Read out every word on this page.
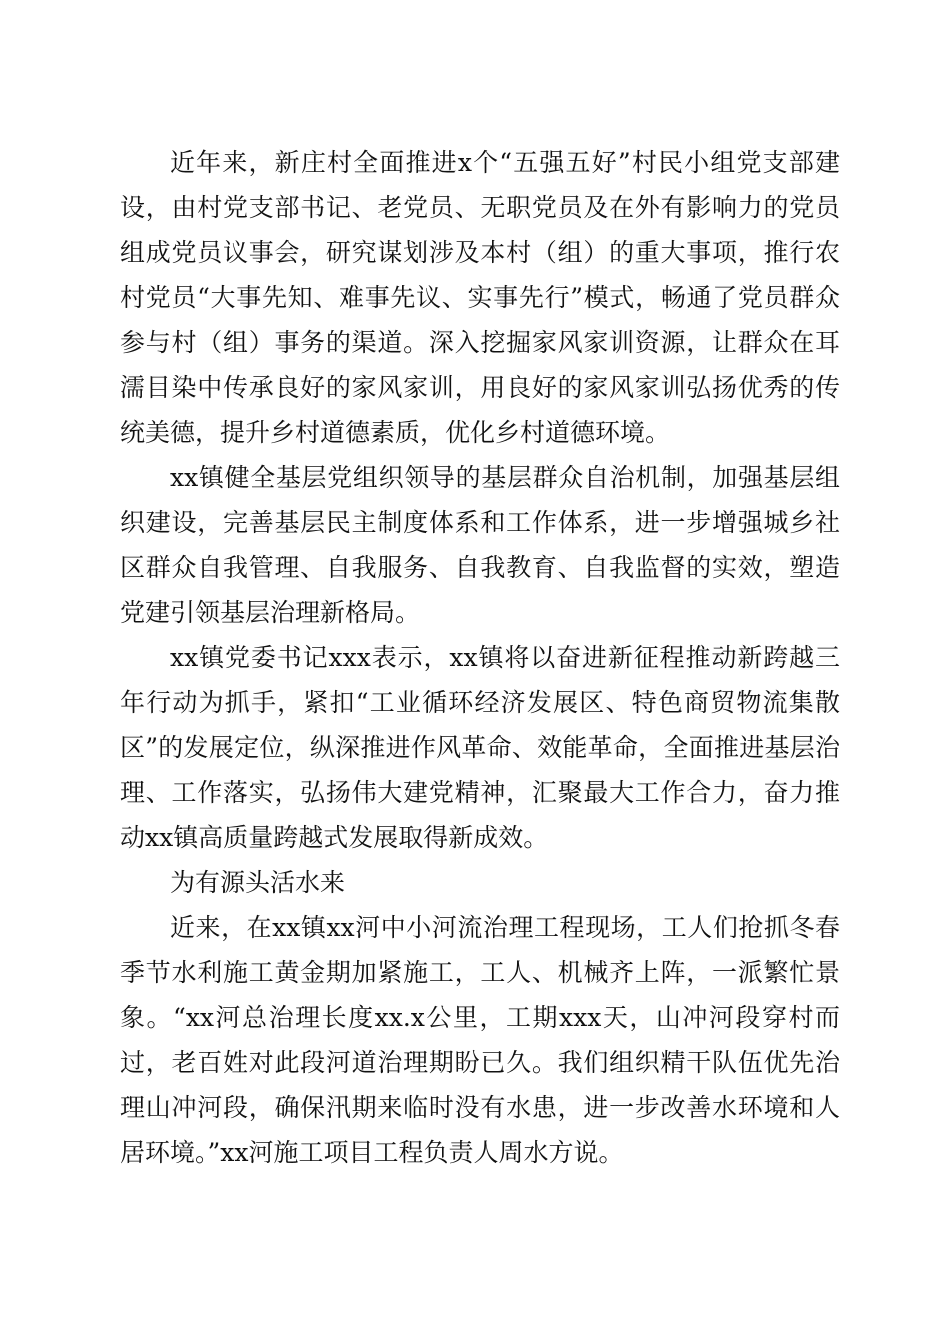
近年来，新庄村全面推进x个“五强五好”村民小组党支部建设，由村党支部书记、老党员、无职党员及在外有影响力的党员组成党员议事会，研究谋划涉及本村（组）的重大事项，推行农村党员“大事先知、难事先议、实事先行”模式，畅通了党员群众参与村（组）事务的渠道。深入挖掘家风家训资源，让群众在耳濡目染中传承良好的家风家训，用良好的家风家训弘扬优秀的传统美德，提升乡村道德素质，优化乡村道德环境。

xx镇健全基层党组织领导的基层群众自治机制，加强基层组织建设，完善基层民主制度体系和工作体系，进一步增强城乡社区群众自我管理、自我服务、自我教育、自我监督的实效，塑造党建引领基层治理新格局。

xx镇党委书记xxx表示，xx镇将以奋进新征程推动新跨越三年行动为抓手，紧扣“工业循环经济发展区、特色商贸物流集散区”的发展定位，纵深推进作风革命、效能革命，全面推进基层治理、工作落实，弘扬伟大建党精神，汇聚最大工作合力，奋力推动xx镇高质量跨越式发展取得新成效。

为有源头活水来

近来，在xx镇xx河中小河流治理工程现场，工人们抢抓冬春季节水利施工黄金期加紧施工，工人、机械齐上阵，一派繁忙景象。“xx河总治理长度xx.x公里，工期xxx天，山冲河段穿村而过，老百姓对此段河道治理期盼已久。我们组织精干队伍优先治理山冲河段，确保汛期来临时没有水患，进一步改善水环境和人居环境。”xx河施工项目工程负责人周水方说。
